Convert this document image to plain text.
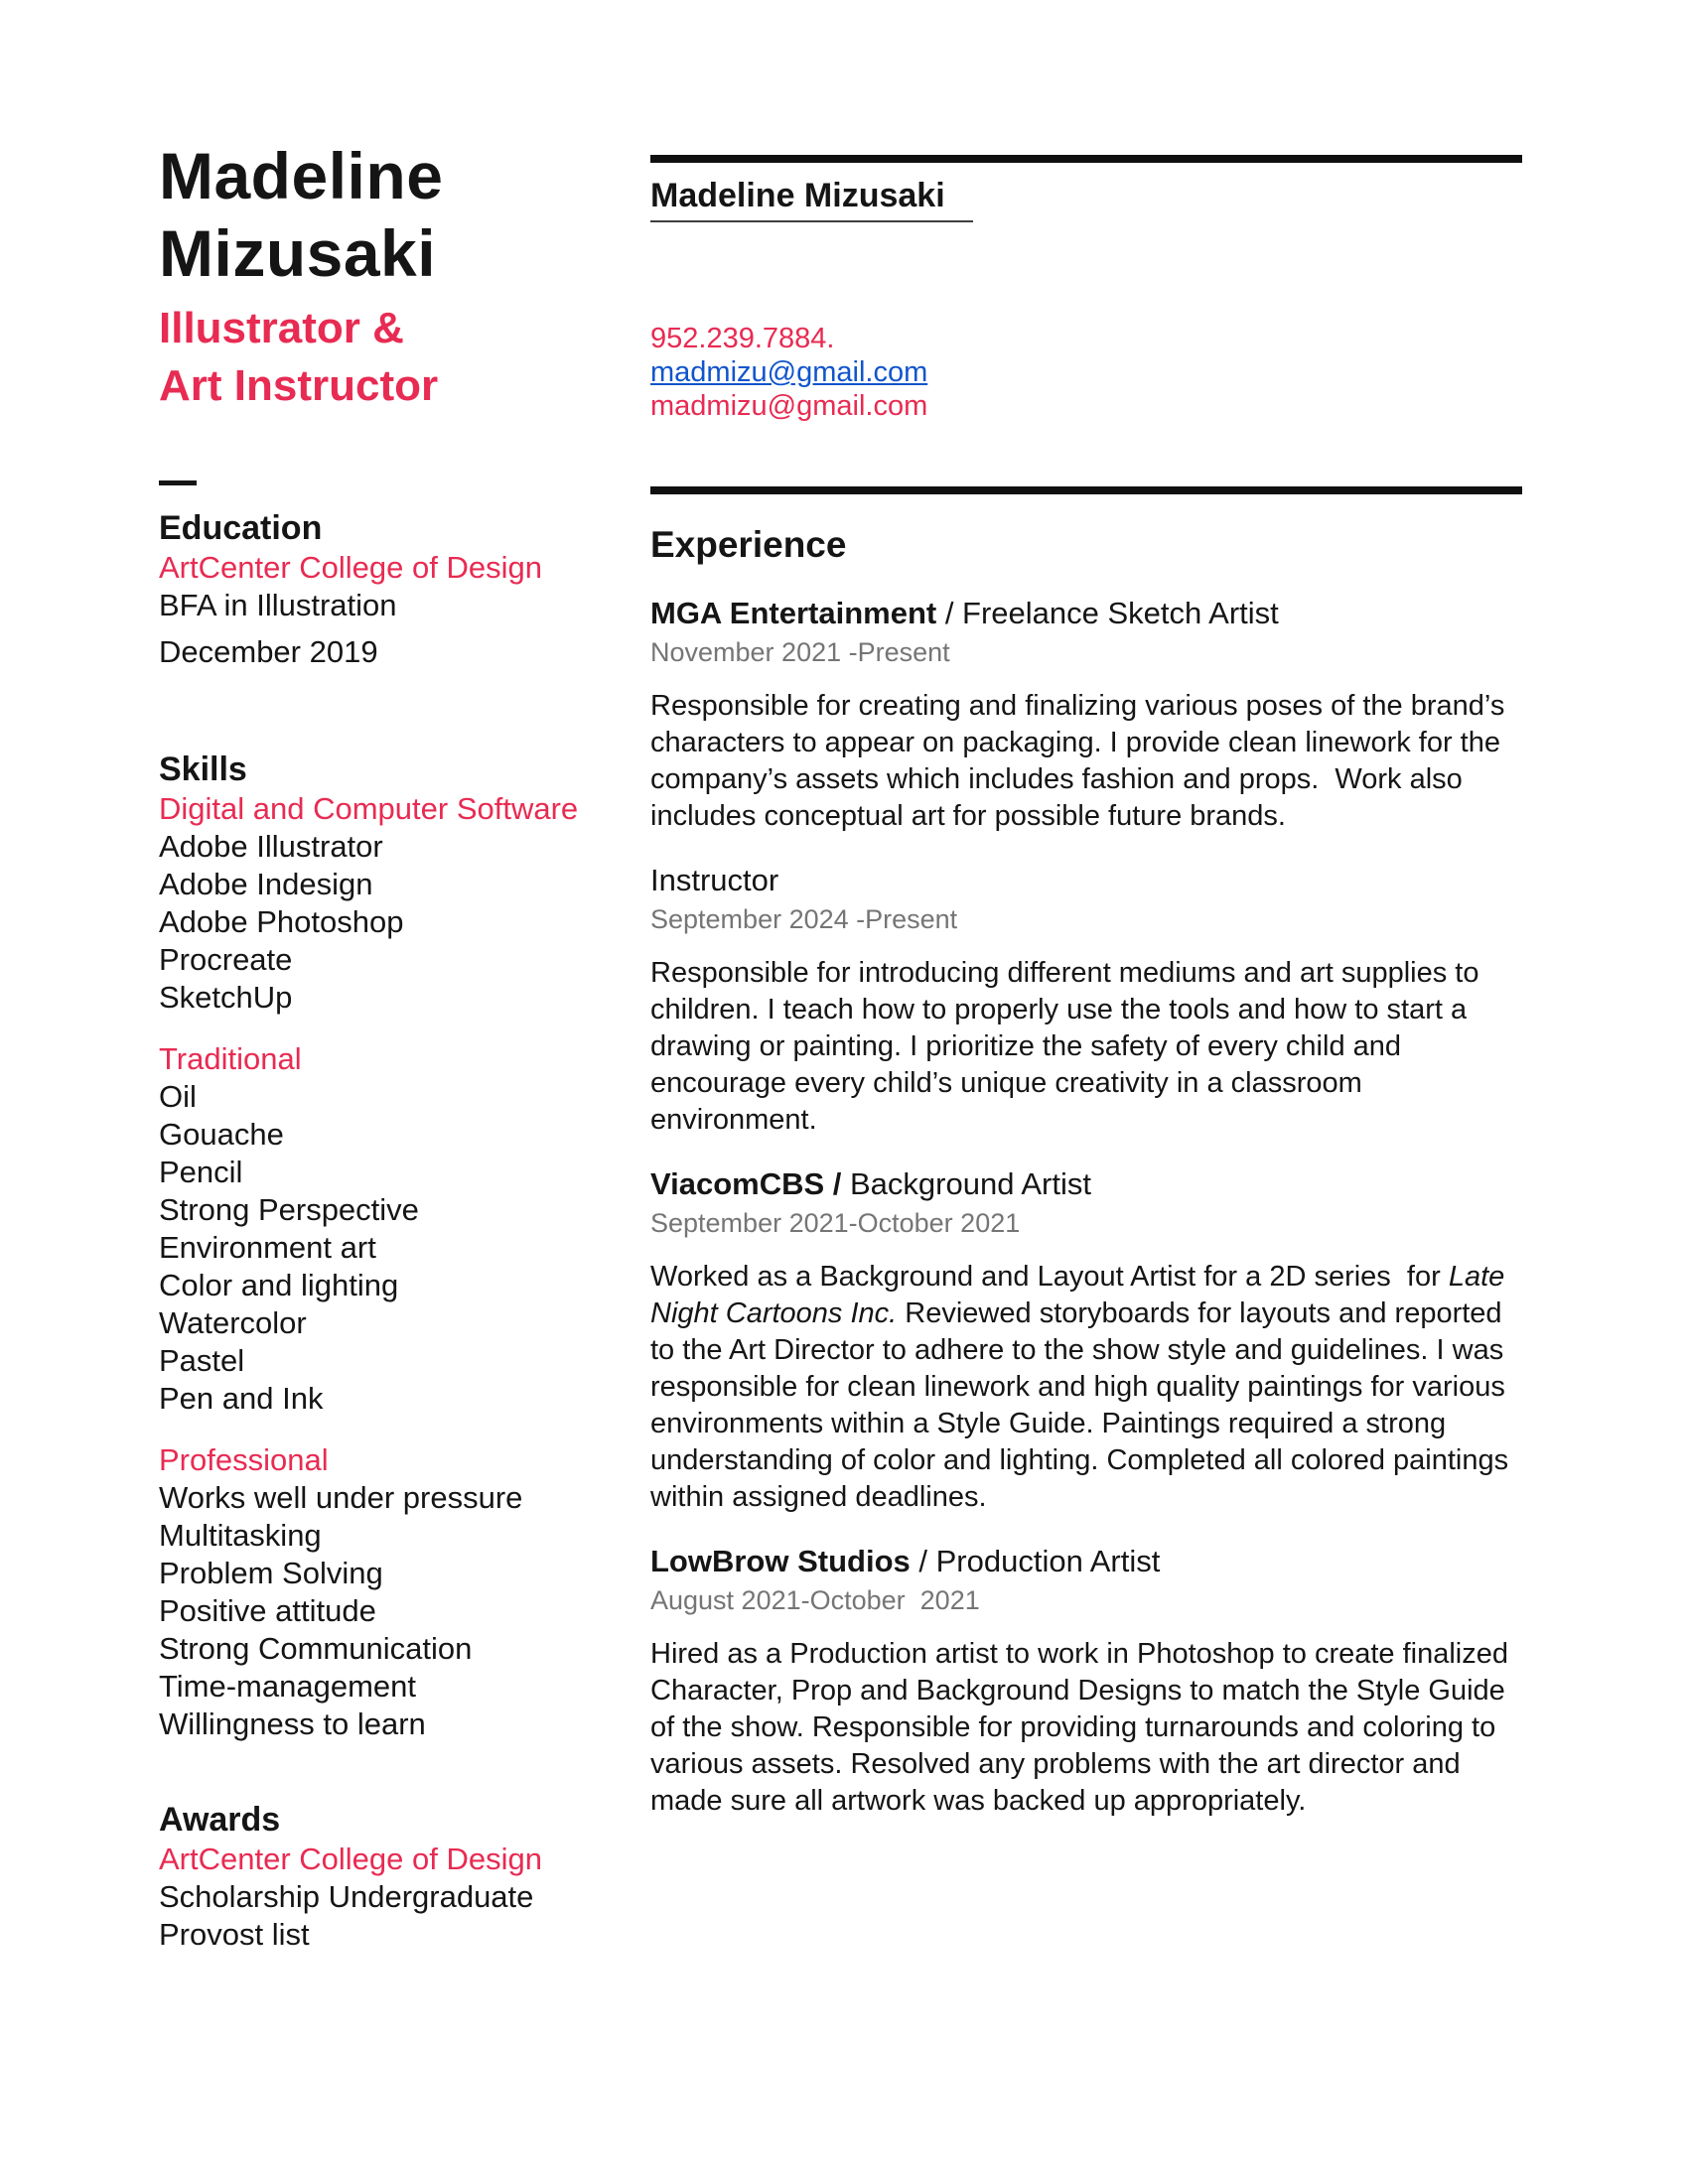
Madeline
Mizusaki
Illustrator &
Art Instructor
Education
ArtCenter College of Design
BFA in Illustration
December 2019
Skills
Digital and Computer Software
Adobe Illustrator
Adobe Indesign
Adobe Photoshop
Procreate
SketchUp
Traditional
Oil
Gouache
Pencil
Strong Perspective
Environment art
Color and lighting
Watercolor
Pastel
Pen and Ink
Professional
Works well under pressure
Multitasking
Problem Solving
Positive attitude
Strong Communication
Time-management
Willingness to learn
Awards
ArtCenter College of Design
Scholarship Undergraduate
Provost list
Madeline Mizusaki
952.239.7884.
madmizu@gmail.com
madmizu@gmail.com
Experience
MGA Entertainment / Freelance Sketch Artist
November 2021 -Present

Responsible for creating and finalizing various poses of the brand’s characters to appear on packaging. I provide clean linework for the company’s assets which includes fashion and props.  Work also includes conceptual art for possible future brands.

Instructor
September 2024 -Present

Responsible for introducing different mediums and art supplies to children. I teach how to properly use the tools and how to start a drawing or painting. I prioritize the safety of every child and encourage every child’s unique creativity in a classroom environment.

ViacomCBS / Background Artist
September 2021-October 2021

Worked as a Background and Layout Artist for a 2D series  for Late Night Cartoons Inc. Reviewed storyboards for layouts and reported to the Art Director to adhere to the show style and guidelines. I was responsible for clean linework and high quality paintings for various environments within a Style Guide. Paintings required a strong understanding of color and lighting. Completed all colored paintings within assigned deadlines.

LowBrow Studios / Production Artist
August 2021-October  2021

Hired as a Production artist to work in Photoshop to create finalized Character, Prop and Background Designs to match the Style Guide of the show. Responsible for providing turnarounds and coloring to various assets. Resolved any problems with the art director and made sure all artwork was backed up appropriately.
